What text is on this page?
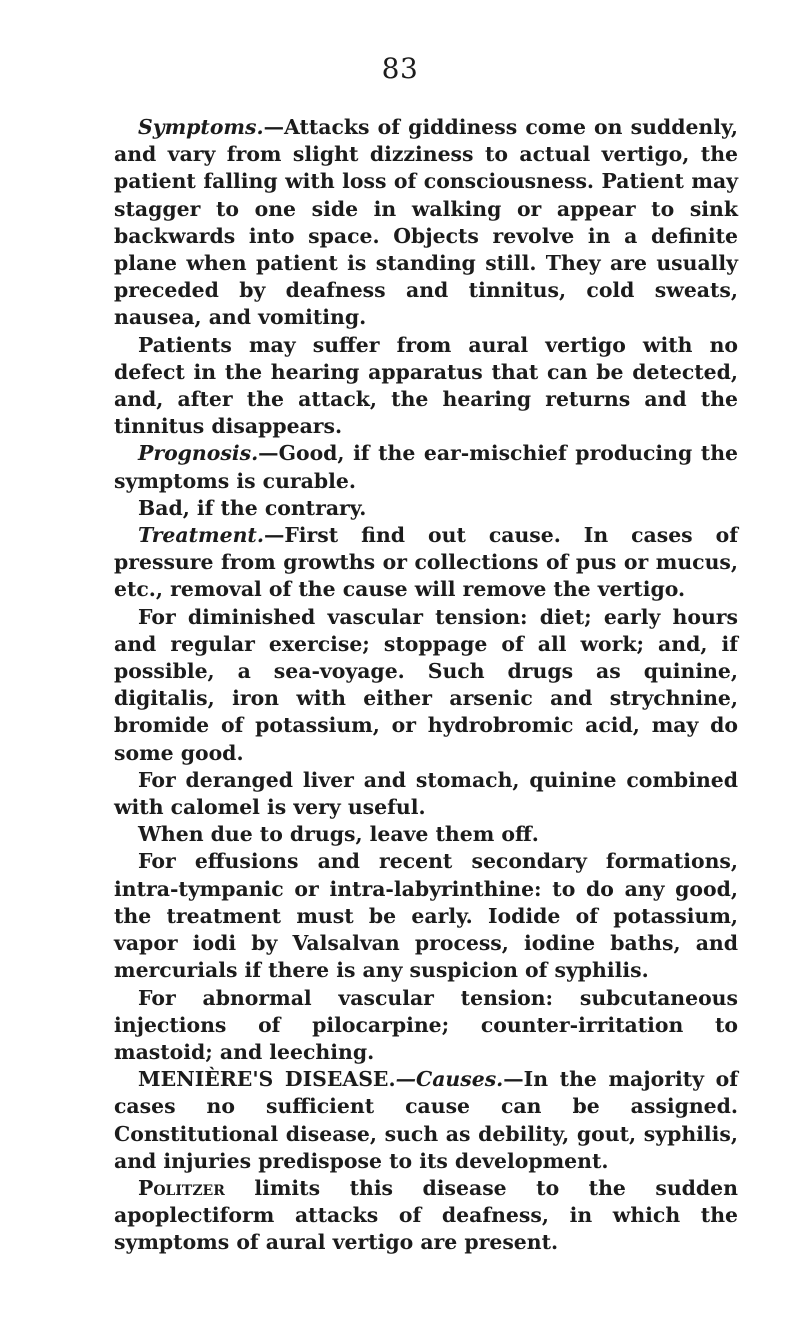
83

Symptoms.—Attacks of giddiness come on suddenly, and vary from slight dizziness to actual vertigo, the patient falling with loss of consciousness. Patient may stagger to one side in walking or appear to sink backwards into space. Objects revolve in a definite plane when patient is standing still. They are usually preceded by deafness and tinnitus, cold sweats, nausea, and vomiting.

Patients may suffer from aural vertigo with no defect in the hearing apparatus that can be detected, and, after the attack, the hearing returns and the tinnitus disappears.

Prognosis.—Good, if the ear-mischief producing the symptoms is curable.

Bad, if the contrary.

Treatment.—First find out cause. In cases of pressure from growths or collections of pus or mucus, etc., removal of the cause will remove the vertigo.

For diminished vascular tension: diet; early hours and regular exercise; stoppage of all work; and, if possible, a sea-voyage. Such drugs as quinine, digitalis, iron with either arsenic and strychnine, bromide of potassium, or hydrobromic acid, may do some good.

For deranged liver and stomach, quinine combined with calomel is very useful.

When due to drugs, leave them off.

For effusions and recent secondary formations, intra-tympanic or intra-labyrinthine: to do any good, the treatment must be early. Iodide of potassium, vapor iodi by Valsalvan process, iodine baths, and mercurials if there is any suspicion of syphilis.

For abnormal vascular tension: subcutaneous injections of pilocarpine; counter-irritation to mastoid; and leeching.

MENIÈRE'S DISEASE.—Causes.—In the majority of cases no sufficient cause can be assigned. Constitutional disease, such as debility, gout, syphilis, and injuries predispose to its development.

Politzer limits this disease to the sudden apoplectiform attacks of deafness, in which the symptoms of aural vertigo are present.
